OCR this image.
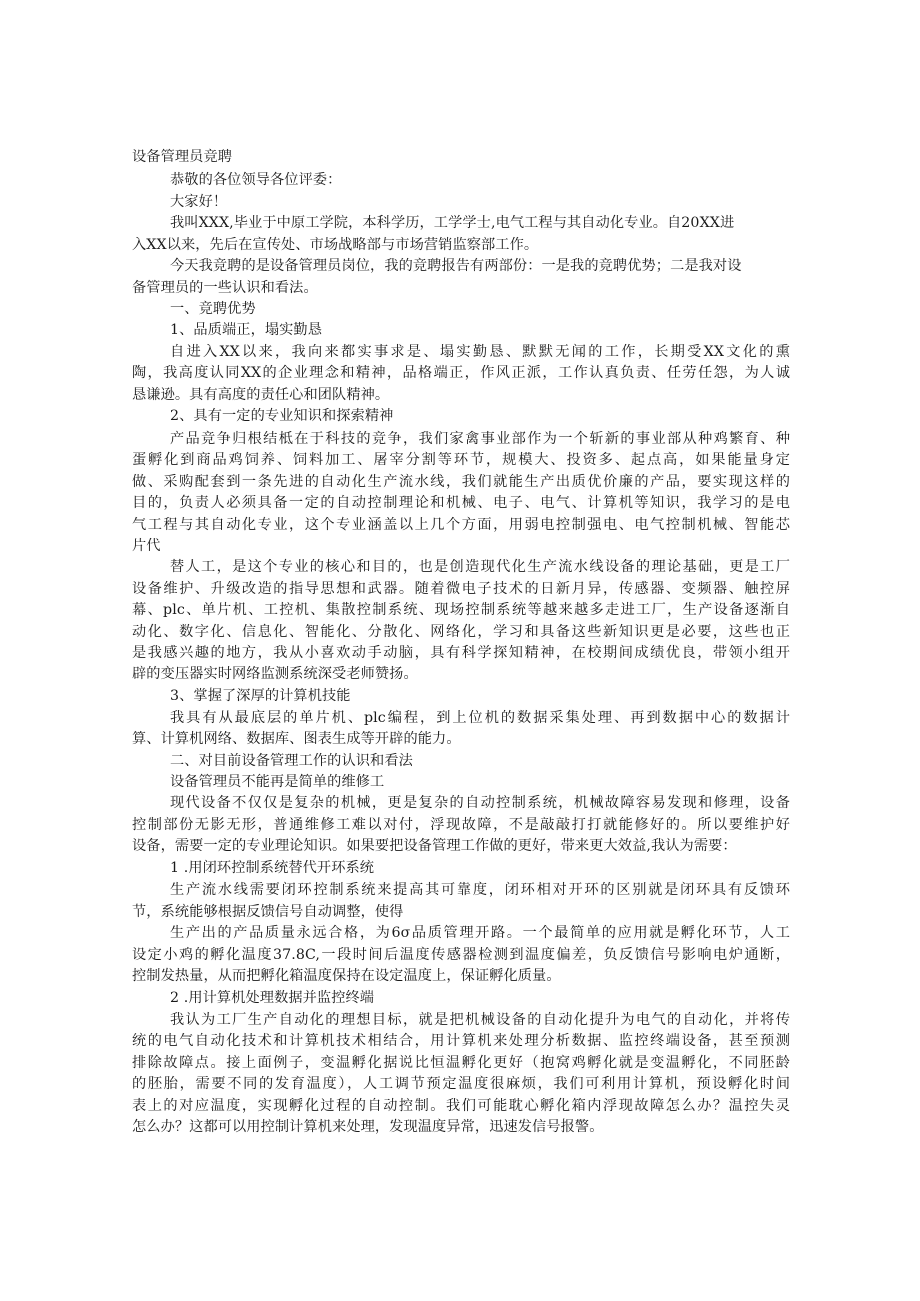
设备管理员竞聘

恭敬的各位领导各位评委：

大家好！

我叫XXX,毕业于中原工学院，本科学历，工学学士,电气工程与其自动化专业。自20XX进

入XX以来，先后在宣传处、市场战略部与市场营销监察部工作。

今天我竞聘的是设备管理员岗位，我的竞聘报告有两部份：一是我的竞聘优势；二是我对设

备管理员的一些认识和看法。

一、竞聘优势

1、品质端正，塌实勤恳

自进入XX以来，我向来都实事求是、塌实勤恳、默默无闻的工作，长期受XX文化的熏

陶，我高度认同XX的企业理念和精神，品格端正，作风正派，工作认真负责、任劳任怨，为人诚

恳谦逊。具有高度的责任心和团队精神。

2、具有一定的专业知识和探索精神

产品竞争归根结柢在于科技的竞争，我们家禽事业部作为一个斩新的事业部从种鸡繁育、种

蛋孵化到商品鸡饲养、饲料加工、屠宰分割等环节，规模大、投资多、起点高，如果能量身定

做、采购配套到一条先进的自动化生产流水线，我们就能生产出质优价廉的产品，要实现这样的

目的，负责人必须具备一定的自动控制理论和机械、电子、电气、计算机等知识，我学习的是电

气工程与其自动化专业，这个专业涵盖以上几个方面，用弱电控制强电、电气控制机械、智能芯

片代

替人工，是这个专业的核心和目的，也是创造现代化生产流水线设备的理论基础，更是工厂

设备维护、升级改造的指导思想和武器。随着微电子技术的日新月异，传感器、变频器、触控屏

幕、plc、单片机、工控机、集散控制系统、现场控制系统等越来越多走进工厂，生产设备逐渐自

动化、数字化、信息化、智能化、分散化、网络化，学习和具备这些新知识更是必要，这些也正

是我感兴趣的地方，我从小喜欢动手动脑，具有科学探知精神，在校期间成绩优良，带领小组开

辟的变压器实时网络监测系统深受老师赞扬。

3、掌握了深厚的计算机技能

我具有从最底层的单片机、plc编程，到上位机的数据采集处理、再到数据中心的数据计

算、计算机网络、数据库、图表生成等开辟的能力。

二、对目前设备管理工作的认识和看法

设备管理员不能再是简单的维修工

现代设备不仅仅是复杂的机械，更是复杂的自动控制系统，机械故障容易发现和修理，设备

控制部份无影无形，普通维修工难以对付，浮现故障，不是敲敲打打就能修好的。所以要维护好

设备，需要一定的专业理论知识。如果要把设备管理工作做的更好，带来更大效益,我认为需要：

1 .用闭环控制系统替代开环系统

生产流水线需要闭环控制系统来提高其可靠度，闭环相对开环的区别就是闭环具有反馈环

节，系统能够根据反馈信号自动调整，使得

生产出的产品质量永远合格，为6σ品质管理开路。一个最简单的应用就是孵化环节，人工

设定小鸡的孵化温度37.8C,一段时间后温度传感器检测到温度偏差，负反馈信号影响电炉通断，

控制发热量，从而把孵化箱温度保持在设定温度上，保证孵化质量。

2 .用计算机处理数据并监控终端

我认为工厂生产自动化的理想目标，就是把机械设备的自动化提升为电气的自动化，并将传

统的电气自动化技术和计算机技术相结合，用计算机来处理分析数据、监控终端设备，甚至预测

排除故障点。接上面例子，变温孵化据说比恒温孵化更好（抱窝鸡孵化就是变温孵化，不同胚龄

的胚胎，需要不同的发育温度），人工调节预定温度很麻烦，我们可利用计算机，预设孵化时间

表上的对应温度，实现孵化过程的自动控制。我们可能耽心孵化箱内浮现故障怎么办？温控失灵

怎么办？这都可以用控制计算机来处理，发现温度异常，迅速发信号报警。
